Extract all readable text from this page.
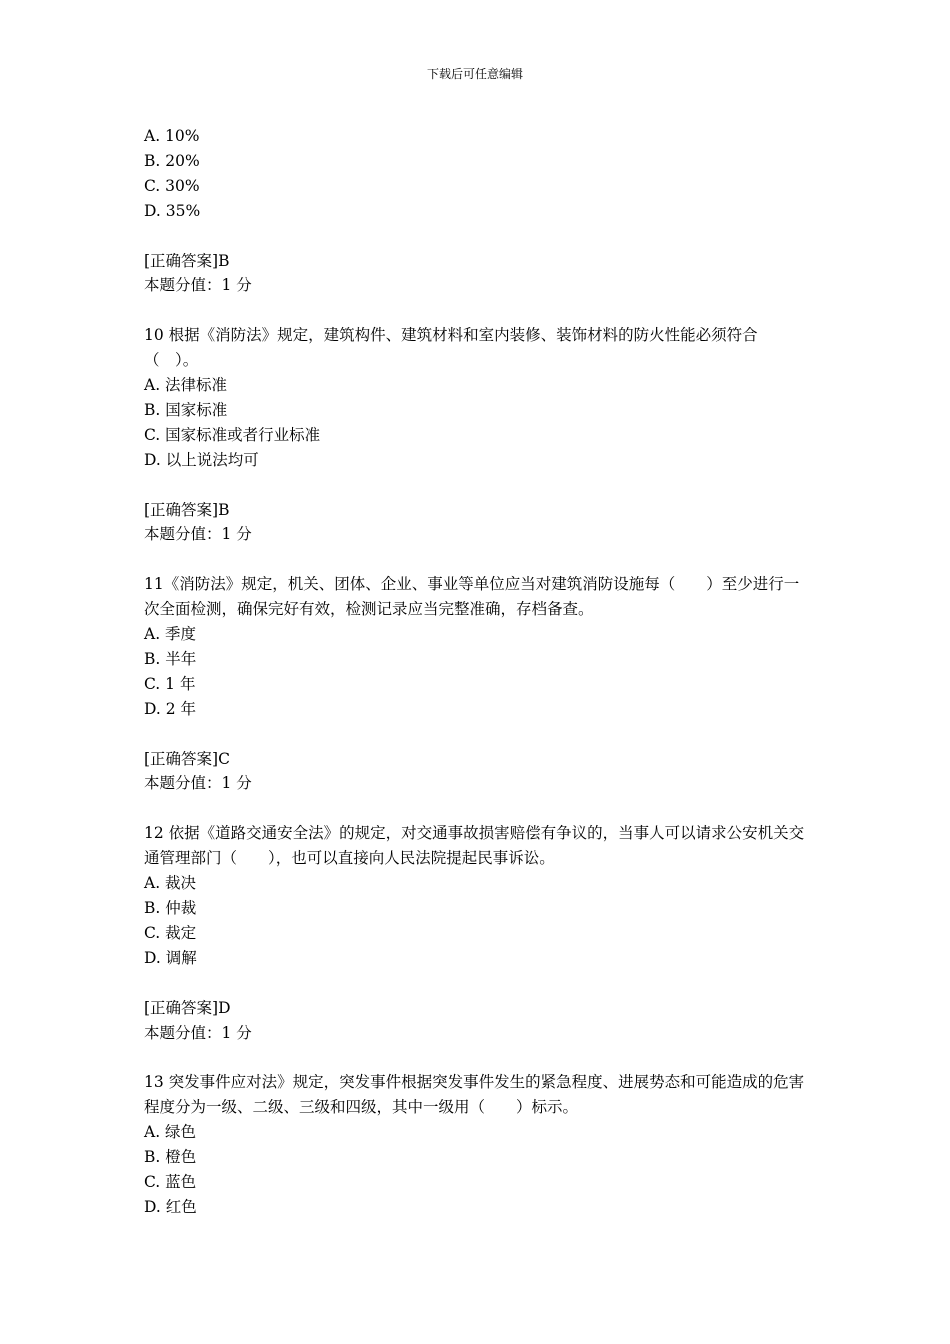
下载后可任意编辑

A. 10%

B. 20%

C. 30%

D. 35%

[正确答案]B

本题分值：1 分

10 根据《消防法》规定，建筑构件、建筑材料和室内装修、装饰材料的防火性能必须符合（　）。

A. 法律标准

B. 国家标准

C. 国家标准或者行业标准

D. 以上说法均可

[正确答案]B

本题分值：1 分

11《消防法》规定，机关、团体、企业、事业等单位应当对建筑消防设施每（　　）至少进行一次全面检测，确保完好有效，检测记录应当完整准确，存档备查。

A. 季度

B. 半年

C. 1 年

D. 2 年

[正确答案]C

本题分值：1 分

12 依据《道路交通安全法》的规定，对交通事故损害赔偿有争议的，当事人可以请求公安机关交通管理部门（　　），也可以直接向人民法院提起民事诉讼。

A. 裁决

B. 仲裁

C. 裁定

D. 调解

[正确答案]D

本题分值：1 分

13 突发事件应对法》规定，突发事件根据突发事件发生的紧急程度、进展势态和可能造成的危害程度分为一级、二级、三级和四级，其中一级用（　　）标示。

A. 绿色

B. 橙色

C. 蓝色

D. 红色
